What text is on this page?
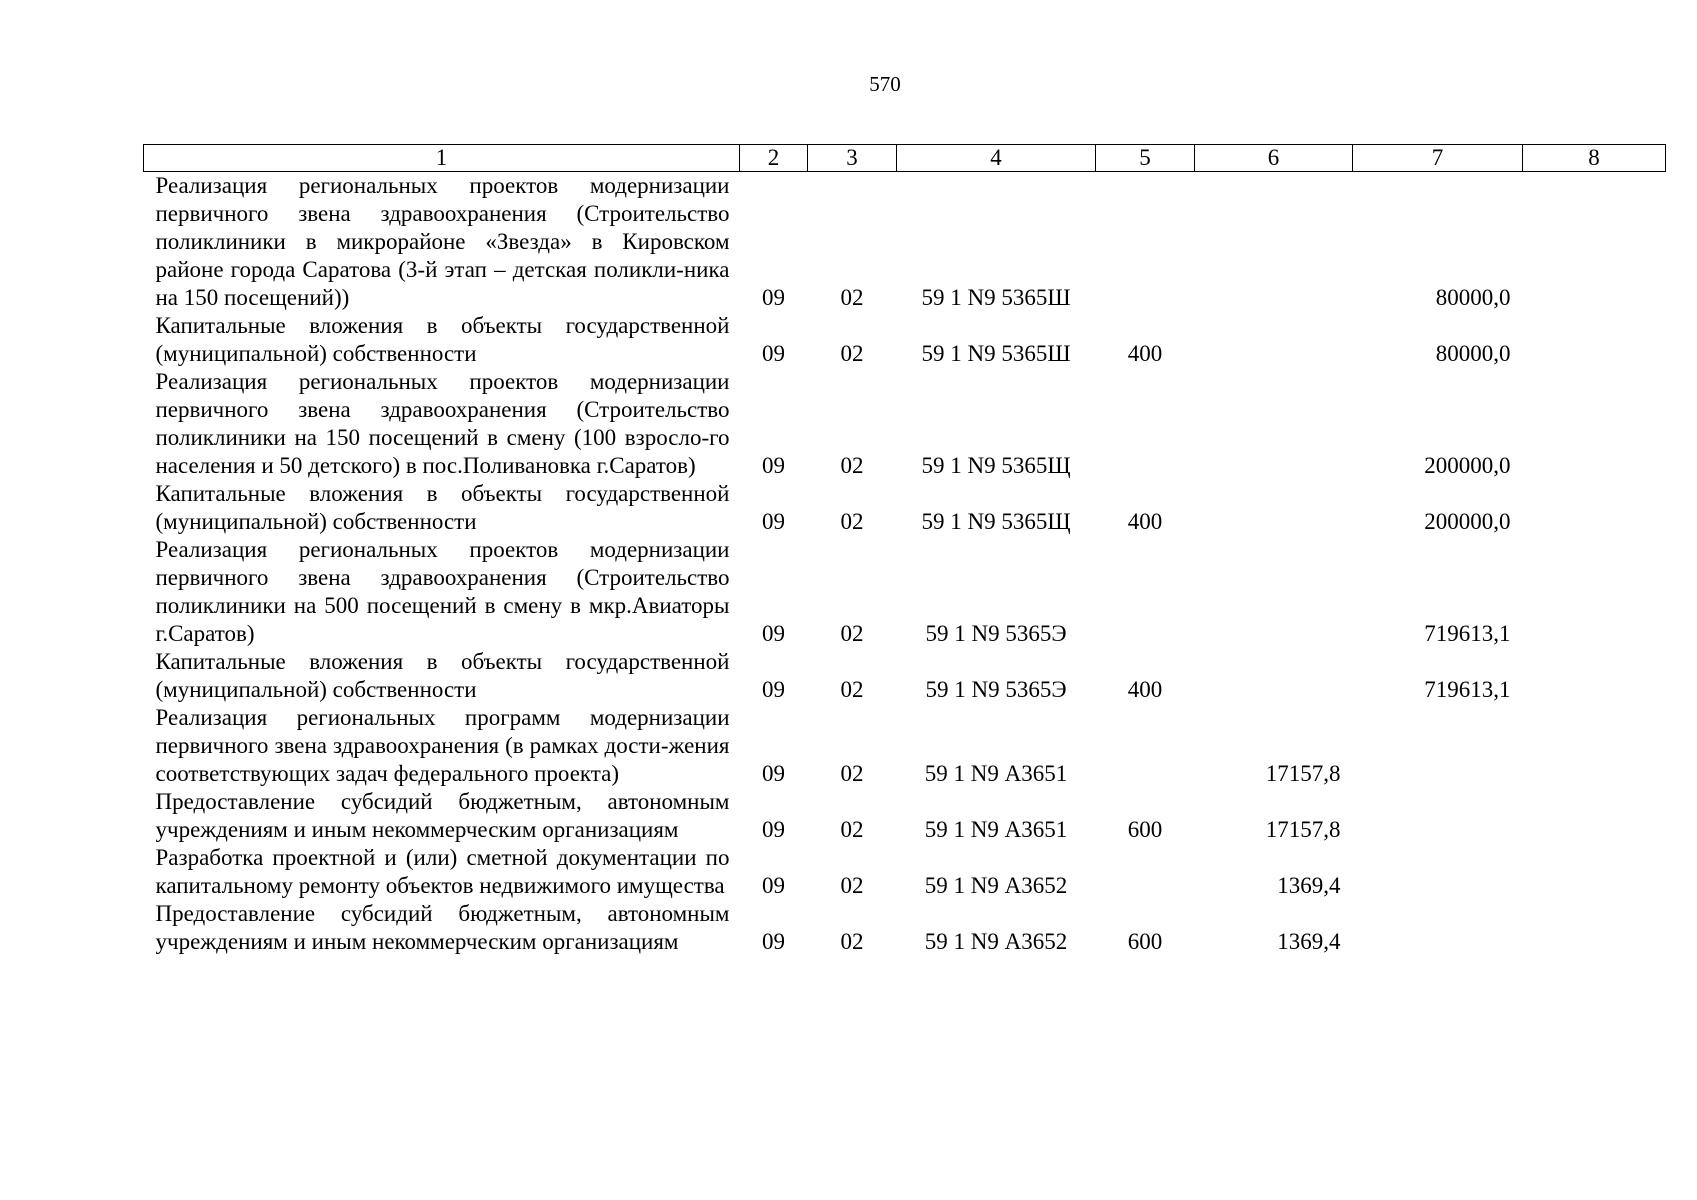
570
1	2	3	4	5	6	7	8
Реализация региональных проектов модернизации первичного звена здравоохранения (Строительство поликлиники в микрорайоне «Звезда» в Кировском районе города Саратова (3-й этап – детская поликли-ника на 150 посещений))	09	02	59 1 N9 5365Ш			80000,0	
Капитальные вложения в объекты государственной (муниципальной) собственности	09	02	59 1 N9 5365Ш	400		80000,0	
Реализация региональных проектов модернизации первичного звена здравоохранения (Строительство поликлиники на 150 посещений в смену (100 взросло-го населения и 50 детского) в пос.Поливановка г.Саратов)	09	02	59 1 N9 5365Щ			200000,0	
Капитальные вложения в объекты государственной (муниципальной) собственности	09	02	59 1 N9 5365Щ	400		200000,0	
Реализация региональных проектов модернизации первичного звена здравоохранения (Строительство поликлиники на 500 посещений в смену в мкр.Авиаторы г.Саратов)	09	02	59 1 N9 5365Э			719613,1	
Капитальные вложения в объекты государственной (муниципальной) собственности	09	02	59 1 N9 5365Э	400		719613,1	
Реализация региональных программ модернизации первичного звена здравоохранения (в рамках дости-жения соответствующих задач федерального проекта)	09	02	59 1 N9 А3651		17157,8		
Предоставление субсидий бюджетным, автономным учреждениям и иным некоммерческим организациям	09	02	59 1 N9 А3651	600	17157,8		
Разработка проектной и (или) сметной документации по капитальному ремонту объектов недвижимого имущества	09	02	59 1 N9 А3652		1369,4		
Предоставление субсидий бюджетным, автономным учреждениям и иным некоммерческим организациям	09	02	59 1 N9 А3652	600	1369,4		
